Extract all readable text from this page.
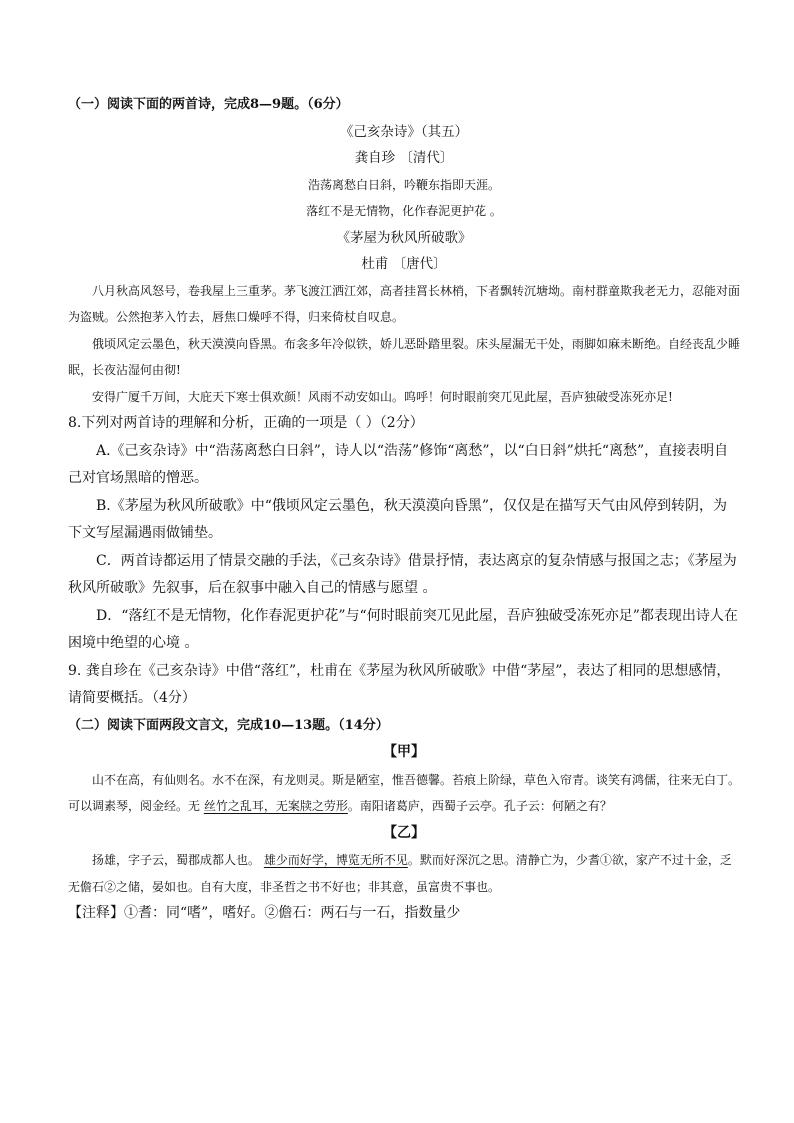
（一）阅读下面的两首诗，完成8—9题。（6分）
《己亥杂诗》（其五）
龚自珍 〔清代〕
浩荡离愁白日斜，吟鞭东指即天涯。
落红不是无情物，化作春泥更护花 。
《茅屋为秋风所破歌》
杜甫 〔唐代〕
八月秋高风怒号，卷我屋上三重茅。茅飞渡江洒江郊，高者挂罥长林梢，下者飘转沉塘坳。南村群童欺我老无力，忍能对面为盗贼。公然抱茅入竹去，唇焦口燥呼不得，归来倚杖自叹息。
俄顷风定云墨色，秋天漠漠向昏黑。布衾多年冷似铁，娇儿恶卧踏里裂。床头屋漏无干处，雨脚如麻未断绝。自经丧乱少睡眠，长夜沾湿何由彻!
安得广厦千万间，大庇天下寒士俱欢颜！风雨不动安如山。呜呼！何时眼前突兀见此屋，吾庐独破受冻死亦足!
8.下列对两首诗的理解和分析，正确的一项是（ ）（2分）
A.《己亥杂诗》中“浩荡离愁白日斜”，诗人以“浩荡”修饰“离愁”，以“白日斜”烘托“离愁”，直接表明自己对官场黑暗的憎恶。
B.《茅屋为秋风所破歌》中“俄顷风定云墨色，秋天漠漠向昏黑”，仅仅是在描写天气由风停到转阴，为下文写屋漏遇雨做铺垫。
C．两首诗都运用了情景交融的手法，《己亥杂诗》借景抒情，表达离京的复杂情感与报国之志；《茅屋为秋风所破歌》先叙事，后在叙事中融入自己的情感与愿望 。
D．“落红不是无情物，化作春泥更护花”与“何时眼前突兀见此屋，吾庐独破受冻死亦足”都表现出诗人在困境中绝望的心境 。
9. 龚自珍在《己亥杂诗》中借“落红”，杜甫在《茅屋为秋风所破歌》中借“茅屋”，表达了相同的思想感情，请简要概括。（4分）
（二）阅读下面两段文言文，完成10—13题。（14分）
【甲】
山不在高，有仙则名。水不在深，有龙则灵。斯是陋室，惟吾德馨。苔痕上阶绿，草色入帘青。谈笑有鸿儒，往来无白丁。可以调素琴，阅金经。无 丝竹之乱耳，无案牍之劳形。南阳诸葛庐，西蜀子云亭。孔子云：何陋之有？
【乙】
扬雄，字子云，蜀郡成都人也。 雄少而好学，博览无所不见。默而好深沉之思。清静亡为，少耆①欲，家产不过十金，乏无儋石②之储，晏如也。自有大度，非圣哲之书不好也；非其意，虽富贵不事也。
【注释】①耆：同“嗜”，嗜好。②儋石：两石与一石，指数量少
